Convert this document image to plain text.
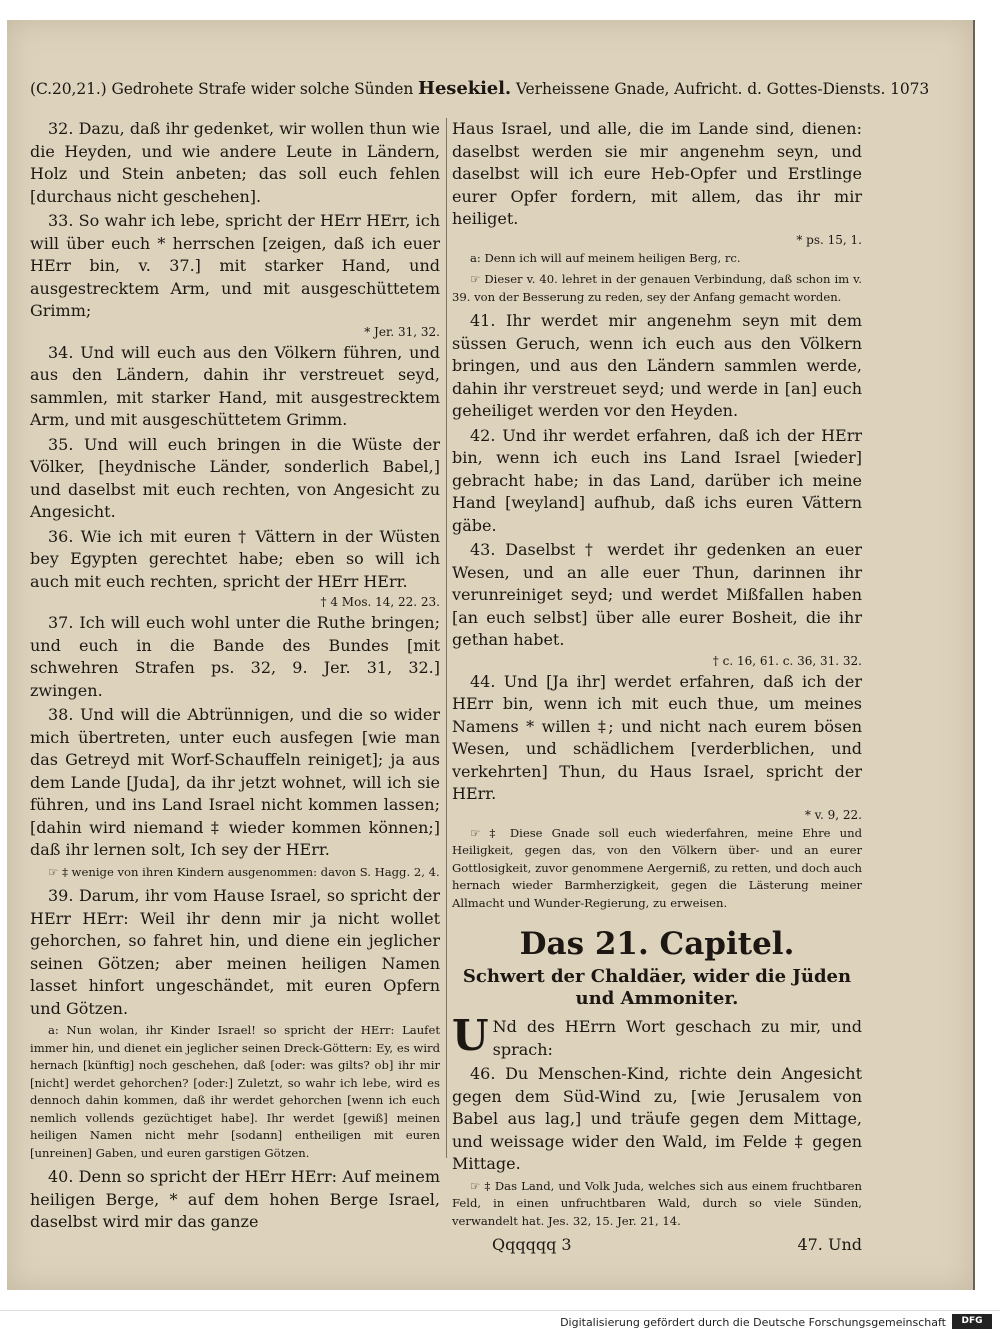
(C.20,21.) Gedrohete Strafe wider solche Sünden Hesekiel. Verheissene Gnade, Aufricht. d. Gottes-Diensts. 1073

32. Dazu, daß ihr gedenket, wir wollen thun wie die Heyden, und wie andere Leute in Ländern, Holz und Stein anbeten; das soll euch fehlen [durchaus nicht geschehen].

33. So wahr ich lebe, spricht der HErr HErr, ich will über euch * herrschen [zeigen, daß ich euer HErr bin, v. 37.] mit starker Hand, und ausgestrecktem Arm, und mit ausgeschüttetem Grimm;

* Jer. 31, 32.

34. Und will euch aus den Völkern führen, und aus den Ländern, dahin ihr verstreuet seyd, sammlen, mit starker Hand, mit ausgestrecktem Arm, und mit ausgeschüttetem Grimm.

35. Und will euch bringen in die Wüste der Völker, [heydnische Länder, sonderlich Babel,] und daselbst mit euch rechten, von Angesicht zu Angesicht.

36. Wie ich mit euren † Vättern in der Wüsten bey Egypten gerechtet habe; eben so will ich auch mit euch rechten, spricht der HErr HErr.

† 4 Mos. 14, 22. 23.

37. Ich will euch wohl unter die Ruthe bringen; und euch in die Bande des Bundes [mit schwehren Strafen ps. 32, 9. Jer. 31, 32.] zwingen.

38. Und will die Abtrünnigen, und die so wider mich übertreten, unter euch ausfegen [wie man das Getreyd mit Worf-Schauffeln reiniget]; ja aus dem Lande [Juda], da ihr jetzt wohnet, will ich sie führen, und ins Land Israel nicht kommen lassen; [dahin wird niemand ‡ wieder kommen können;] daß ihr lernen solt, Ich sey der HErr.

☞ ‡ wenige von ihren Kindern ausgenommen: davon S. Hagg. 2, 4.

39. Darum, ihr vom Hause Israel, so spricht der HErr HErr: Weil ihr denn mir ja nicht wollet gehorchen, so fahret hin, und diene ein jeglicher seinen Götzen; aber meinen heiligen Namen lasset hinfort ungeschändet, mit euren Opfern und Götzen.

a: Nun wolan, ihr Kinder Israel! so spricht der HErr: Laufet immer hin, und dienet ein jeglicher seinen Dreck-Göttern: Ey, es wird hernach [künftig] noch geschehen, daß [oder: was gilts? ob] ihr mir [nicht] werdet gehorchen? [oder:] Zuletzt, so wahr ich lebe, wird es dennoch dahin kommen, daß ihr werdet gehorchen [wenn ich euch nemlich vollends gezüchtiget habe]. Ihr werdet [gewiß] meinen heiligen Namen nicht mehr [sodann] entheiligen mit euren [unreinen] Gaben, und euren garstigen Götzen.

40. Denn so spricht der HErr HErr: Auf meinem heiligen Berge, * auf dem hohen Berge Israel, daselbst wird mir das ganze

Haus Israel, und alle, die im Lande sind, dienen: daselbst werden sie mir angenehm seyn, und daselbst will ich eure Heb-Opfer und Erstlinge eurer Opfer fordern, mit allem, das ihr mir heiliget.

* ps. 15, 1.

a: Denn ich will auf meinem heiligen Berg, rc.

☞ Dieser v. 40. lehret in der genauen Verbindung, daß schon im v. 39. von der Besserung zu reden, sey der Anfang gemacht worden.

41. Ihr werdet mir angenehm seyn mit dem süssen Geruch, wenn ich euch aus den Völkern bringen, und aus den Ländern sammlen werde, dahin ihr verstreuet seyd; und werde in [an] euch geheiliget werden vor den Heyden.

42. Und ihr werdet erfahren, daß ich der HErr bin, wenn ich euch ins Land Israel [wieder] gebracht habe; in das Land, darüber ich meine Hand [weyland] aufhub, daß ichs euren Vättern gäbe.

43. Daselbst † werdet ihr gedenken an euer Wesen, und an alle euer Thun, darinnen ihr verunreiniget seyd; und werdet Mißfallen haben [an euch selbst] über alle eurer Bosheit, die ihr gethan habet.

† c. 16, 61. c. 36, 31. 32.

44. Und [Ja ihr] werdet erfahren, daß ich der HErr bin, wenn ich mit euch thue, um meines Namens * willen ‡; und nicht nach eurem bösen Wesen, und schädlichem [verderblichen, und verkehrten] Thun, du Haus Israel, spricht der HErr.

* v. 9, 22.

☞ ‡ Diese Gnade soll euch wiederfahren, meine Ehre und Heiligkeit, gegen das, von den Völkern über- und an eurer Gottlosigkeit, zuvor genommene Aergerniß, zu retten, und doch auch hernach wieder Barmherzigkeit, gegen die Lästerung meiner Allmacht und Wunder-Regierung, zu erweisen.

Das 21. Capitel.
Schwert der Chaldäer, wider die Jüden und Ammoniter.

U Nd des HErrn Wort geschach zu mir, und sprach:

46. Du Menschen-Kind, richte dein Angesicht gegen dem Süd-Wind zu, [wie Jerusalem von Babel aus lag,] und träufe gegen dem Mittage, und weissage wider den Wald, im Felde ‡ gegen Mittage.

☞ ‡ Das Land, und Volk Juda, welches sich aus einem fruchtbaren Feld, in einen unfruchtbaren Wald, durch so viele Sünden, verwandelt hat. Jes. 32, 15. Jer. 21, 14.

Qqqqqq 3	47. Und
Digitalisierung gefördert durch die Deutsche Forschungsgemeinschaft	DFG
